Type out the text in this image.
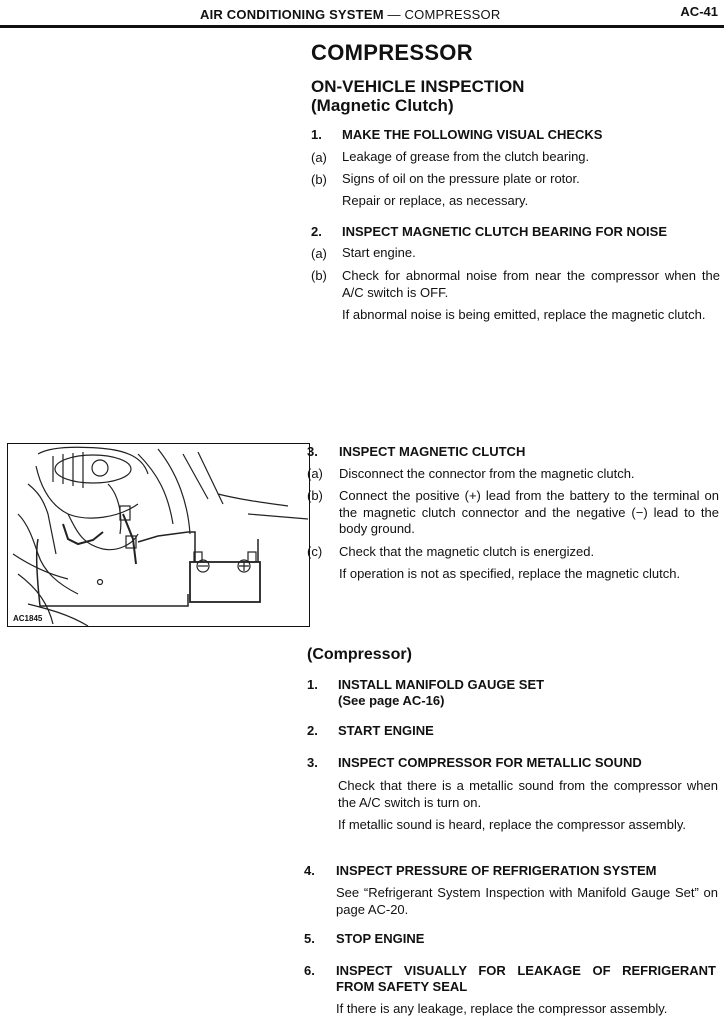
AIR CONDITIONING SYSTEM — COMPRESSOR	AC-41
COMPRESSOR
ON-VEHICLE INSPECTION
(Magnetic Clutch)
1. MAKE THE FOLLOWING VISUAL CHECKS
(a) Leakage of grease from the clutch bearing.
(b) Signs of oil on the pressure plate or rotor.
Repair or replace, as necessary.
2. INSPECT MAGNETIC CLUTCH BEARING FOR NOISE
(a) Start engine.
(b) Check for abnormal noise from near the compressor when the A/C switch is OFF.
If abnormal noise is being emitted, replace the magnetic clutch.
AC1845
3. INSPECT MAGNETIC CLUTCH
(a) Disconnect the connector from the magnetic clutch.
(b) Connect the positive (+) lead from the battery to the terminal on the magnetic clutch connector and the negative (−) lead to the body ground.
(c) Check that the magnetic clutch is energized.
If operation is not as specified, replace the magnetic clutch.
(Compressor)
1. INSTALL MANIFOLD GAUGE SET
(See page AC-16)
2. START ENGINE
3. INSPECT COMPRESSOR FOR METALLIC SOUND
Check that there is a metallic sound from the compressor when the A/C switch is turn on.
If metallic sound is heard, replace the compressor assembly.
4. INSPECT PRESSURE OF REFRIGERATION SYSTEM
See “Refrigerant System Inspection with Manifold Gauge Set” on page AC-20.
5. STOP ENGINE
6. INSPECT VISUALLY FOR LEAKAGE OF REFRIGERANT FROM SAFETY SEAL
If there is any leakage, replace the compressor assembly.
